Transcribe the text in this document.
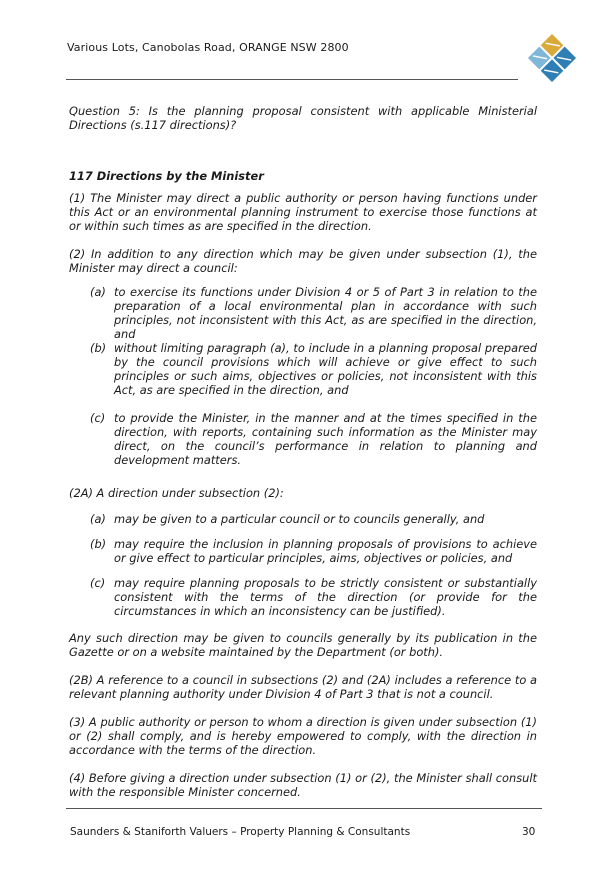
Various Lots, Canobolas Road, ORANGE NSW 2800

Question 5: Is the planning proposal consistent with applicable Ministerial Directions (s.117 directions)?

117 Directions by the Minister

(1) The Minister may direct a public authority or person having functions under this Act or an environmental planning instrument to exercise those functions at or within such times as are specified in the direction.

(2) In addition to any direction which may be given under subsection (1), the Minister may direct a council:

(a) to exercise its functions under Division 4 or 5 of Part 3 in relation to the preparation of a local environmental plan in accordance with such principles, not inconsistent with this Act, as are specified in the direction, and
(b) without limiting paragraph (a), to include in a planning proposal prepared by the council provisions which will achieve or give effect to such principles or such aims, objectives or policies, not inconsistent with this Act, as are specified in the direction, and
(c) to provide the Minister, in the manner and at the times specified in the direction, with reports, containing such information as the Minister may direct, on the council’s performance in relation to planning and development matters.

(2A) A direction under subsection (2):

(a) may be given to a particular council or to councils generally, and
(b) may require the inclusion in planning proposals of provisions to achieve or give effect to particular principles, aims, objectives or policies, and
(c) may require planning proposals to be strictly consistent or substantially consistent with the terms of the direction (or provide for the circumstances in which an inconsistency can be justified).

Any such direction may be given to councils generally by its publication in the Gazette or on a website maintained by the Department (or both).

(2B) A reference to a council in subsections (2) and (2A) includes a reference to a relevant planning authority under Division 4 of Part 3 that is not a council.

(3) A public authority or person to whom a direction is given under subsection (1) or (2) shall comply, and is hereby empowered to comply, with the direction in accordance with the terms of the direction.

(4) Before giving a direction under subsection (1) or (2), the Minister shall consult with the responsible Minister concerned.

Saunders & Staniforth Valuers – Property Planning & Consultants	30
